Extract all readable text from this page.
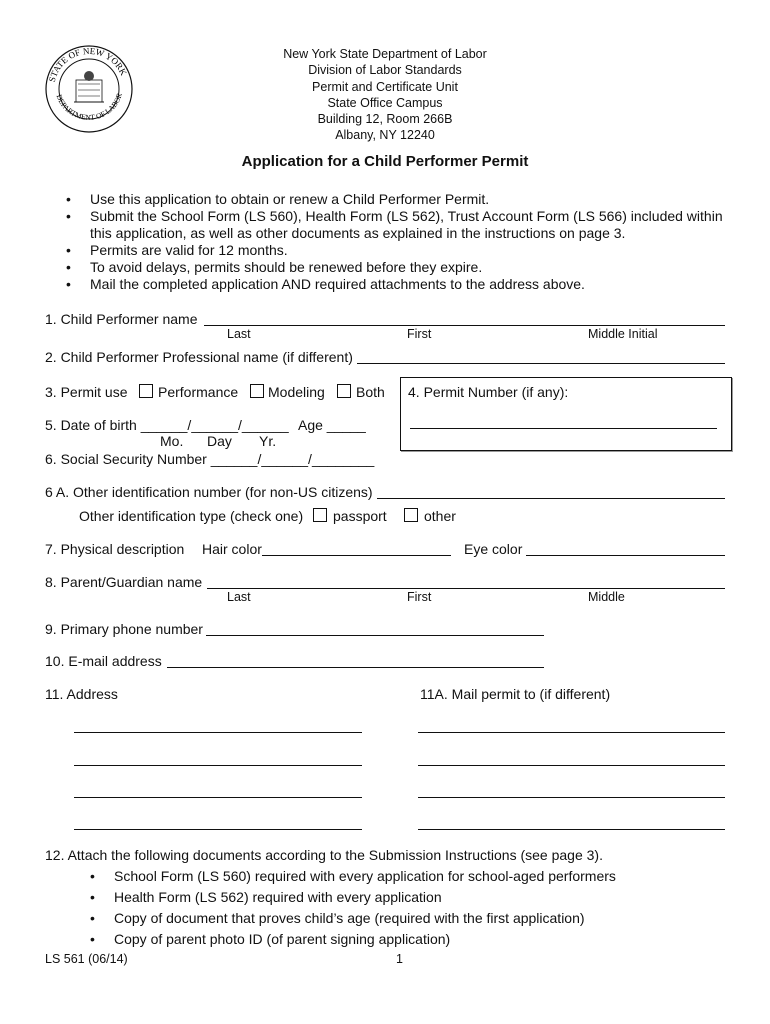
STATE OF NEW YORK
DEPARTMENT OF LABOR
New York State Department of Labor
Division of Labor Standards
Permit and Certificate Unit
State Office Campus
Building 12, Room 266B
Albany, NY 12240
Application for a Child Performer Permit
• Use this application to obtain or renew a Child Performer Permit.
• Submit the School Form (LS 560), Health Form (LS 562), Trust Account Form (LS 566) included within
this application, as well as other documents as explained in the instructions on page 3.
• Permits are valid for 12 months.
• To avoid delays, permits should be renewed before they expire.
• Mail the completed application AND required attachments to the address above.
1. Child Performer name
Last	First	Middle Initial
2. Child Performer Professional name (if different)
3. Permit use Performance Modeling Both 4. Permit Number (if any):
5. Date of birth ______/______/______ Age _____
Mo. Day Yr.
6. Social Security Number ______/______/________
6 A. Other identification number (for non-US citizens)
Other identification type (check one) passport	other
7. Physical description Hair color	Eye color
8. Parent/Guardian name
Last	First	Middle
9. Primary phone number
10. E-mail address
11. Address	11A. Mail permit to (if different)
12. Attach the following documents according to the Submission Instructions (see page 3).
• School Form (LS 560) required with every application for school-aged performers
• Health Form (LS 562) required with every application
• Copy of document that proves child’s age (required with the first application)
• Copy of parent photo ID (of parent signing application)
LS 561 (06/14)	1
